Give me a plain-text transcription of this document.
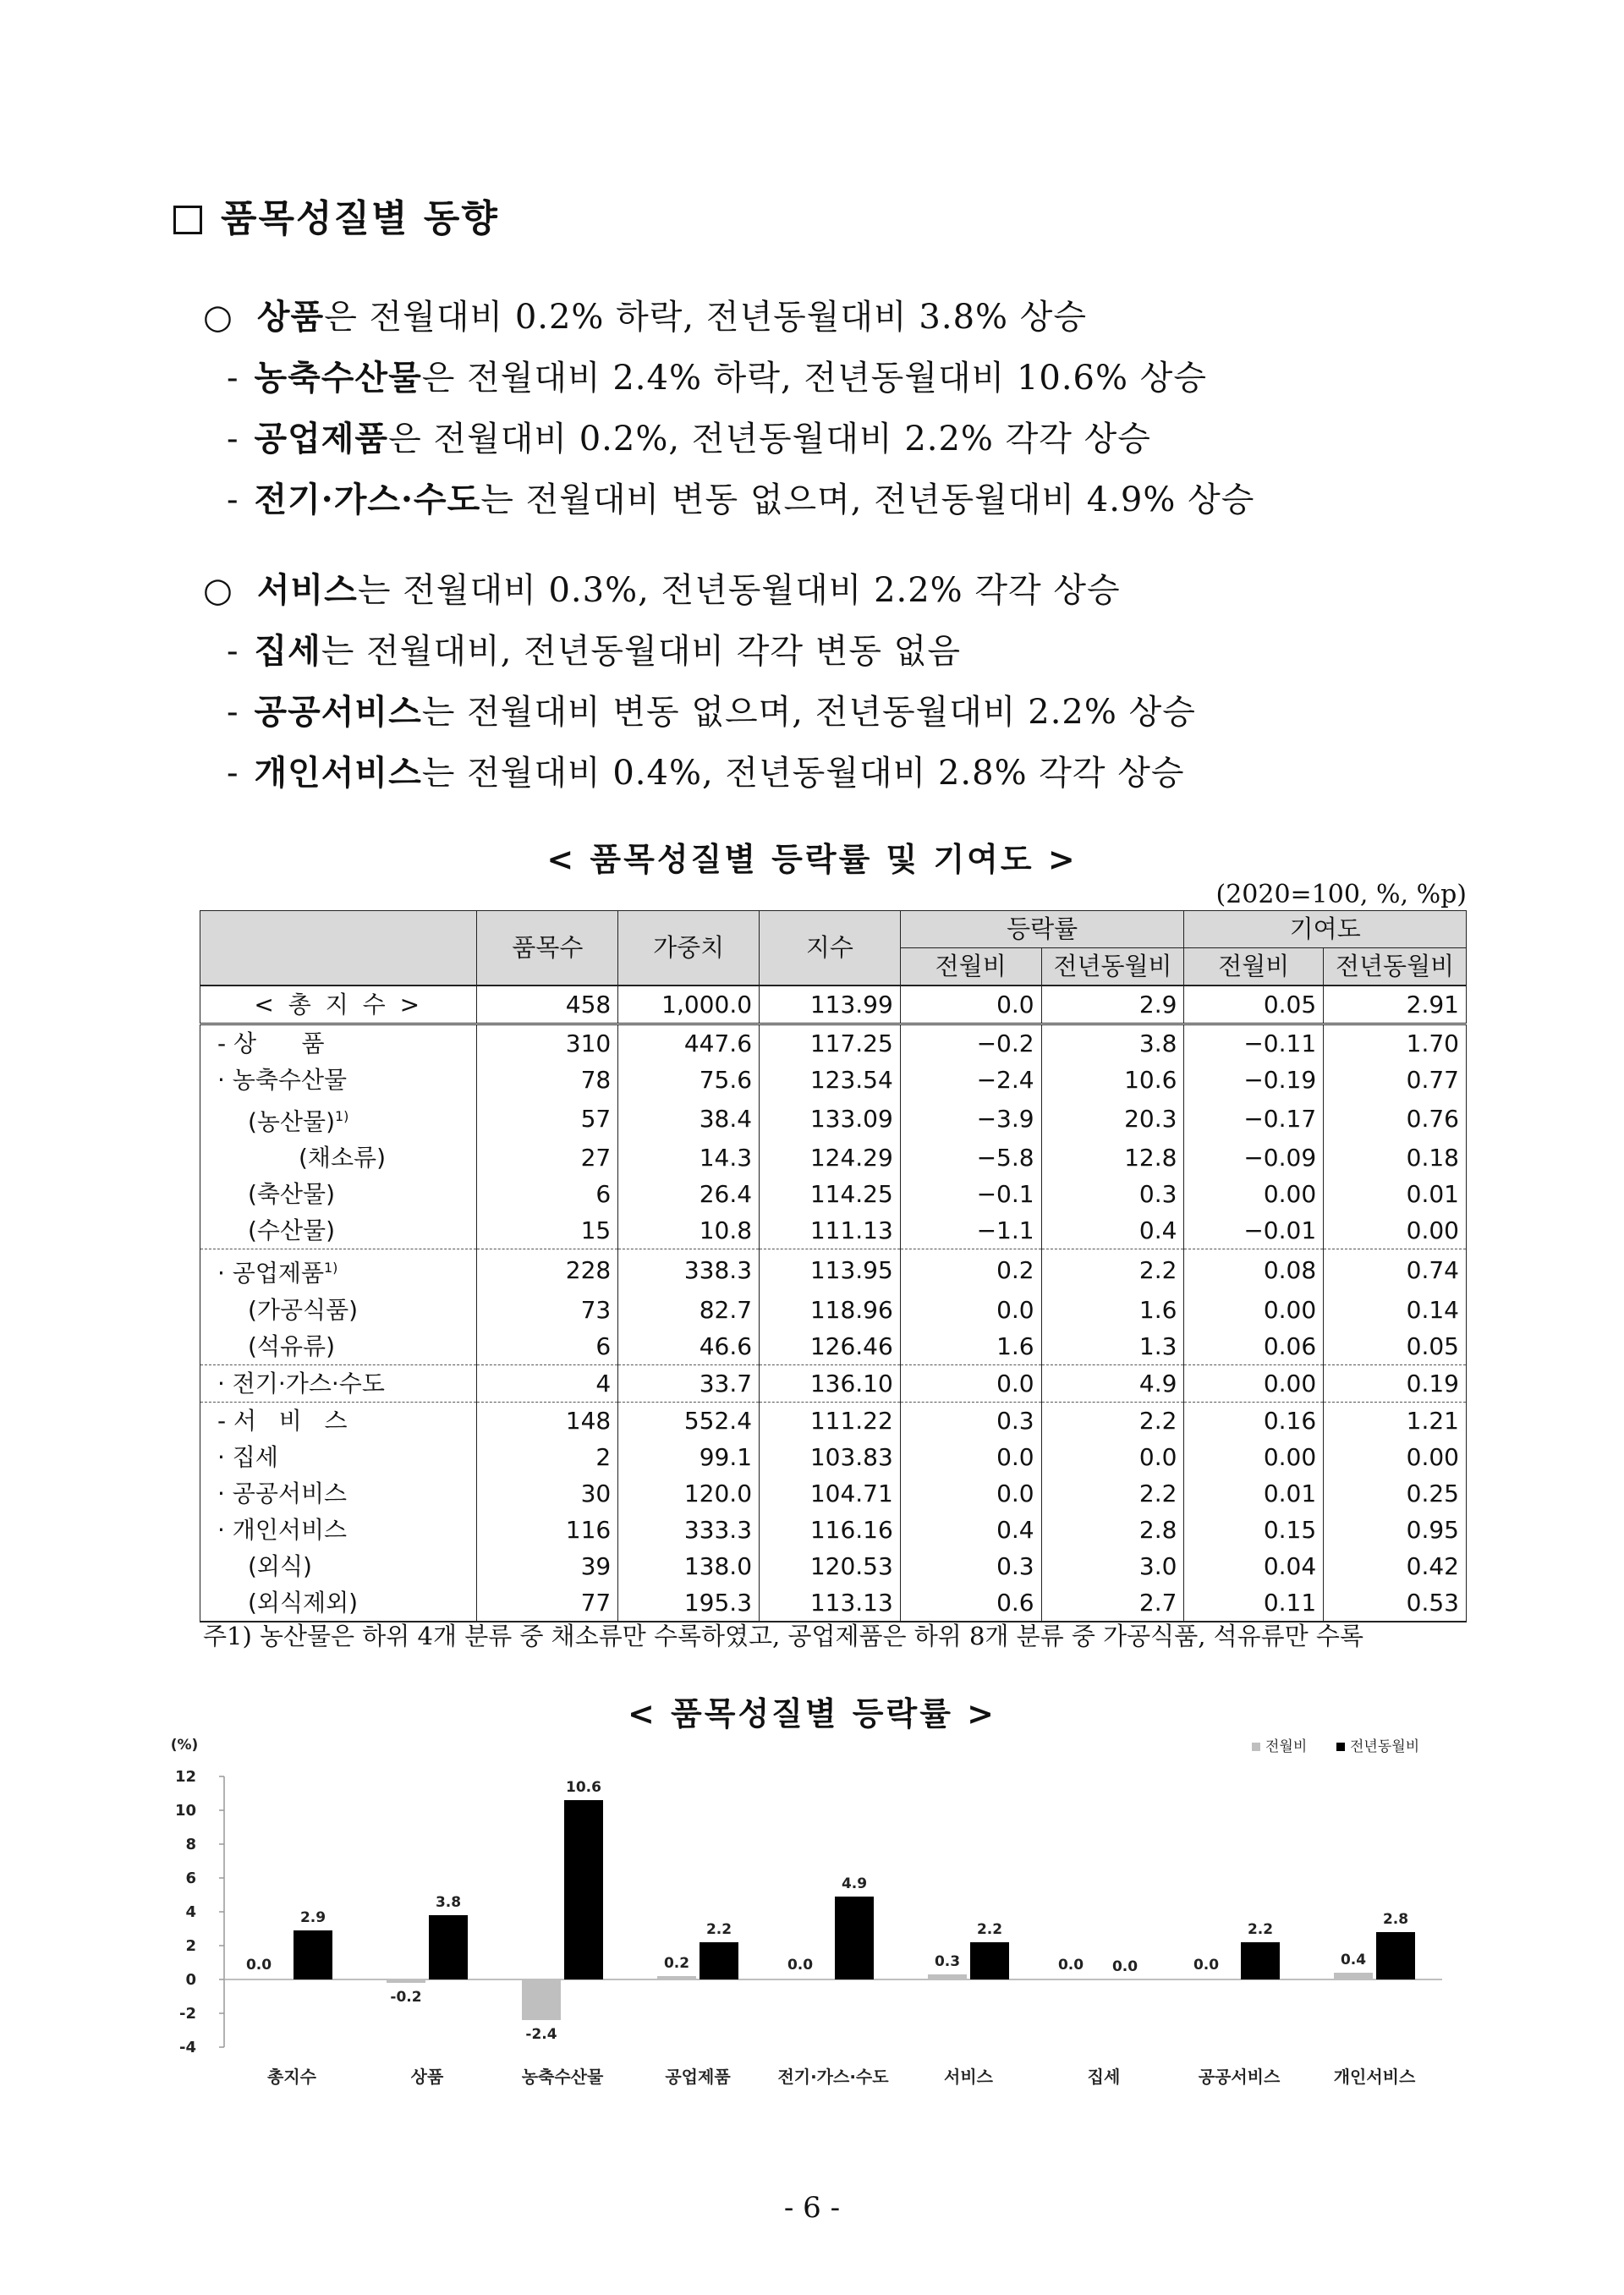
품목성질별 동향
○ 상품은 전월대비 0.2% 하락, 전년동월대비 3.8% 상승
- 농축수산물은 전월대비 2.4% 하락, 전년동월대비 10.6% 상승
- 공업제품은 전월대비 0.2%, 전년동월대비 2.2% 각각 상승
- 전기·가스·수도는 전월대비 변동 없으며, 전년동월대비 4.9% 상승
○ 서비스는 전월대비 0.3%, 전년동월대비 2.2% 각각 상승
- 집세는 전월대비, 전년동월대비 각각 변동 없음
- 공공서비스는 전월대비 변동 없으며, 전년동월대비 2.2% 상승
- 개인서비스는 전월대비 0.4%, 전년동월대비 2.8% 각각 상승
< 품목성질별 등락률 및 기여도 >
(2020=100, %, %p)
	품목수	가중치	지수	등락률		기여도	
				전월비	전년동월비	전월비	전년동월비
< 총 지 수 >	458	1,000.0	113.99	0.0	2.9	0.05	2.91
- 상      품	310	447.6	117.25	−0.2	3.8	−0.11	1.70
· 농축수산물	78	75.6	123.54	−2.4	10.6	−0.19	0.77
(농산물)$^{1)}$	57	38.4	133.09	−3.9	20.3	−0.17	0.76
(채소류)	27	14.3	124.29	−5.8	12.8	−0.09	0.18
(축산물)	6	26.4	114.25	−0.1	0.3	0.00	0.01
(수산물)	15	10.8	111.13	−1.1	0.4	−0.01	0.00
· 공업제품$^{1)}$	228	338.3	113.95	0.2	2.2	0.08	0.74
(가공식품)	73	82.7	118.96	0.0	1.6	0.00	0.14
(석유류)	6	46.6	126.46	1.6	1.3	0.06	0.05
· 전기·가스·수도	4	33.7	136.10	0.0	4.9	0.00	0.19
- 서   비   스	148	552.4	111.22	0.3	2.2	0.16	1.21
· 집세	2	99.1	103.83	0.0	0.0	0.00	0.00
· 공공서비스	30	120.0	104.71	0.0	2.2	0.01	0.25
· 개인서비스	116	333.3	116.16	0.4	2.8	0.15	0.95
(외식)	39	138.0	120.53	0.3	3.0	0.04	0.42
(외식제외)	77	195.3	113.13	0.6	2.7	0.11	0.53
주1) 농산물은 하위 4개 분류 중 채소류만 수록하였고, 공업제품은 하위 8개 분류 중 가공식품, 석유류만 수록
< 품목성질별 등락률 >
(%)
12
10
8
6
4
2
0
-2
-4
0.0
2.9
총지수
-0.2
3.8
상품
-2.4
10.6
농축수산물
0.2
2.2
공업제품
0.0
4.9
전기·가스·수도
0.3
2.2
서비스
0.0 0.0
집세
0.0
2.2
공공서비스
0.4
2.8
개인서비스
전월비	전년동월비
- 6 -
